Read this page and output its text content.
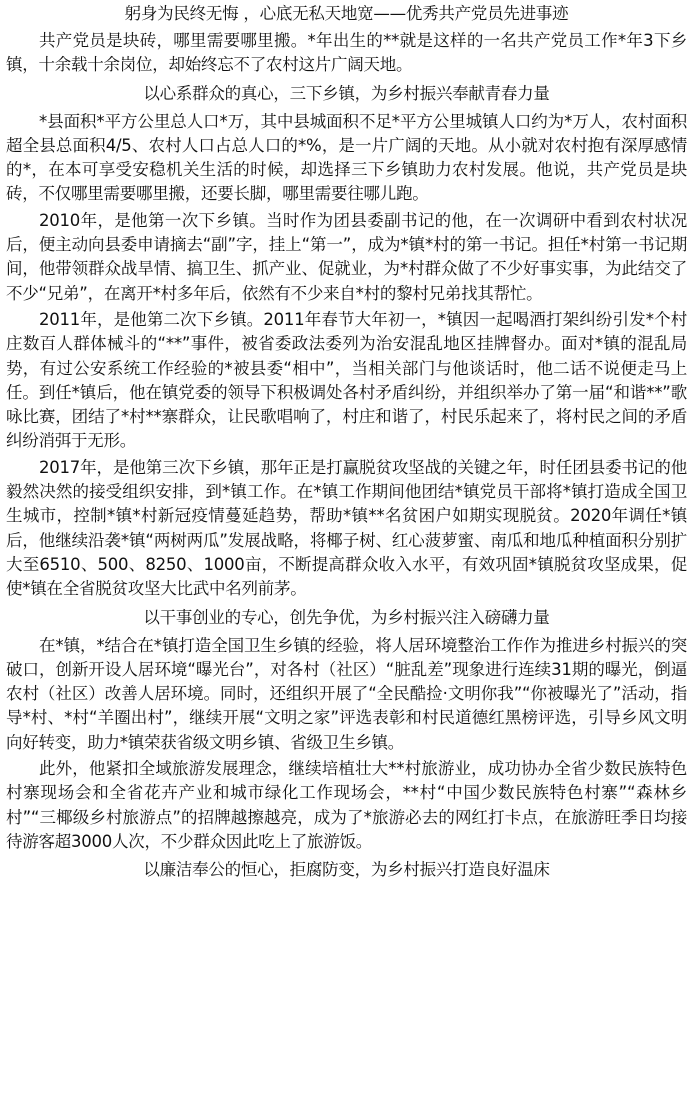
躬身为民终无悔 ，心底无私天地宽——优秀共产党员先进事迹

共产党员是块砖，哪里需要哪里搬。*年出生的**就是这样的一名共产党员工作*年3下乡镇，十余载十余岗位，却始终忘不了农村这片广阔天地。

以心系群众的真心，三下乡镇，为乡村振兴奉献青春力量

*县面积*平方公里总人口*万，其中县城面积不足*平方公里城镇人口约为*万人，农村面积超全县总面积4/5、农村人口占总人口的*%，是一片广阔的天地。从小就对农村抱有深厚感情的*，在本可享受安稳机关生活的时候，却选择三下乡镇助力农村发展。他说，共产党员是块砖，不仅哪里需要哪里搬，还要长脚，哪里需要往哪儿跑。

2010年，是他第一次下乡镇。当时作为团县委副书记的他，在一次调研中看到农村状况后，便主动向县委申请摘去“副”字，挂上“第一”，成为*镇*村的第一书记。担任*村第一书记期间，他带领群众战旱情、搞卫生、抓产业、促就业，为*村群众做了不少好事实事，为此结交了不少“兄弟”，在离开*村多年后，依然有不少来自*村的黎村兄弟找其帮忙。

2011年，是他第二次下乡镇。2011年春节大年初一，*镇因一起喝酒打架纠纷引发*个村庄数百人群体械斗的“**”事件，被省委政法委列为治安混乱地区挂牌督办。面对*镇的混乱局势，有过公安系统工作经验的*被县委“相中”，当相关部门与他谈话时，他二话不说便走马上任。到任*镇后，他在镇党委的领导下积极调处各村矛盾纠纷，并组织举办了第一届“和谐**”歌咏比赛，团结了*村**寨群众，让民歌唱响了，村庄和谐了，村民乐起来了，将村民之间的矛盾纠纷消弭于无形。

2017年，是他第三次下乡镇，那年正是打赢脱贫攻坚战的关键之年，时任团县委书记的他毅然决然的接受组织安排，到*镇工作。在*镇工作期间他团结*镇党员干部将*镇打造成全国卫生城市，控制*镇*村新冠疫情蔓延趋势，帮助*镇**名贫困户如期实现脱贫。2020年调任*镇后，他继续沿袭*镇“两树两瓜”发展战略，将椰子树、红心菠萝蜜、南瓜和地瓜种植面积分别扩大至6510、500、8250、1000亩，不断提高群众收入水平，有效巩固*镇脱贫攻坚成果，促使*镇在全省脱贫攻坚大比武中名列前茅。

以干事创业的专心，创先争优，为乡村振兴注入磅礴力量

在*镇，*结合在*镇打造全国卫生乡镇的经验，将人居环境整治工作作为推进乡村振兴的突破口，创新开设人居环境“曝光台”，对各村（社区）“脏乱差”现象进行连续31期的曝光，倒逼农村（社区）改善人居环境。同时，还组织开展了“全民酷捡·文明你我”“你被曝光了”活动，指导*村、*村“羊圈出村”，继续开展“文明之家”评选表彰和村民道德红黑榜评选，引导乡风文明向好转变，助力*镇荣获省级文明乡镇、省级卫生乡镇。

此外，他紧扣全域旅游发展理念，继续培植壮大**村旅游业，成功协办全省少数民族特色村寨现场会和全省花卉产业和城市绿化工作现场会，**村“中国少数民族特色村寨”“森林乡村”“三椰级乡村旅游点”的招牌越擦越亮，成为了*旅游必去的网红打卡点，在旅游旺季日均接待游客超3000人次，不少群众因此吃上了旅游饭。

以廉洁奉公的恒心，拒腐防变，为乡村振兴打造良好温床
